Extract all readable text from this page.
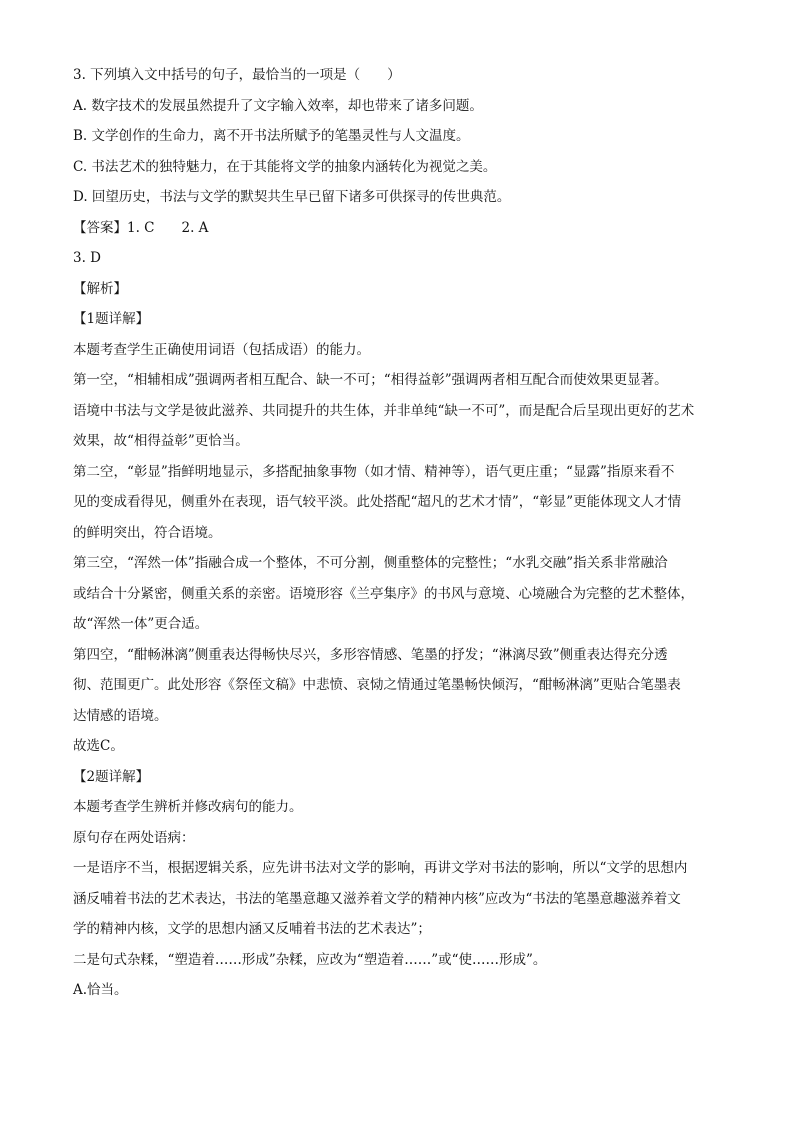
3. 下列填入文中括号的句子，最恰当的一项是（　　）

A. 数字技术的发展虽然提升了文字输入效率，却也带来了诸多问题。

B. 文学创作的生命力，离不开书法所赋予的笔墨灵性与人文温度。

C. 书法艺术的独特魅力，在于其能将文学的抽象内涵转化为视觉之美。

D. 回望历史，书法与文学的默契共生早已留下诸多可供探寻的传世典范。

【答案】1. C　　2. A

3. D

【解析】

【1题详解】

本题考查学生正确使用词语（包括成语）的能力。

第一空，“相辅相成”强调两者相互配合、缺一不可；“相得益彰”强调两者相互配合而使效果更显著。

语境中书法与文学是彼此滋养、共同提升的共生体，并非单纯“缺一不可”，而是配合后呈现出更好的艺术

效果，故“相得益彰”更恰当。

第二空，“彰显”指鲜明地显示，多搭配抽象事物（如才情、精神等），语气更庄重；“显露”指原来看不

见的变成看得见，侧重外在表现，语气较平淡。此处搭配“超凡的艺术才情”，“彰显”更能体现文人才情

的鲜明突出，符合语境。

第三空，“浑然一体”指融合成一个整体，不可分割，侧重整体的完整性；“水乳交融”指关系非常融洽

或结合十分紧密，侧重关系的亲密。语境形容《兰亭集序》的书风与意境、心境融合为完整的艺术整体，

故“浑然一体”更合适。

第四空，“酣畅淋漓”侧重表达得畅快尽兴，多形容情感、笔墨的抒发；“淋漓尽致”侧重表达得充分透

彻、范围更广。此处形容《祭侄文稿》中悲愤、哀恸之情通过笔墨畅快倾泻，“酣畅淋漓”更贴合笔墨表

达情感的语境。

故选C。

【2题详解】

本题考查学生辨析并修改病句的能力。

原句存在两处语病：

一是语序不当，根据逻辑关系，应先讲书法对文学的影响，再讲文学对书法的影响，所以“文学的思想内

涵反哺着书法的艺术表达，书法的笔墨意趣又滋养着文学的精神内核”应改为“书法的笔墨意趣滋养着文

学的精神内核，文学的思想内涵又反哺着书法的艺术表达”；

二是句式杂糅，“塑造着……形成”杂糅，应改为“塑造着……”或“使……形成”。

A.恰当。
